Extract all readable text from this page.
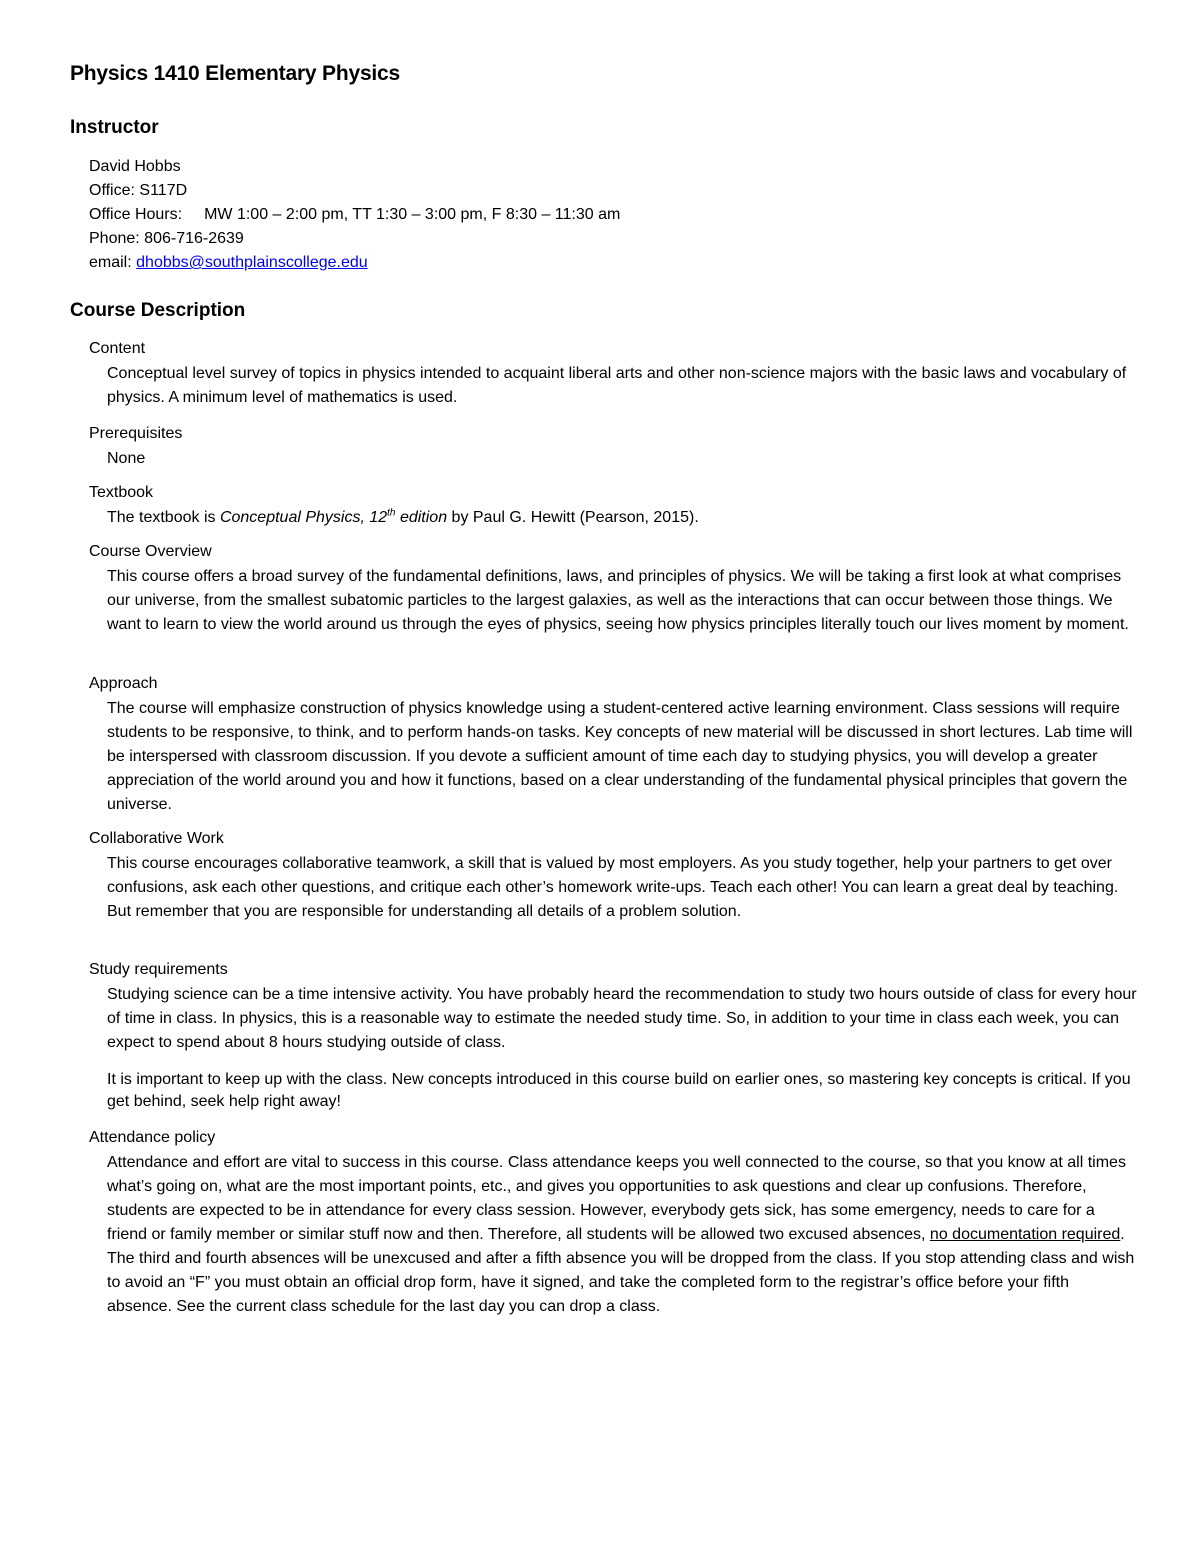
Physics 1410 Elementary Physics
Instructor
David Hobbs
Office: S117D
Office Hours: MW 1:00 – 2:00 pm, TT 1:30 – 3:00 pm, F 8:30 – 11:30 am
Phone: 806-716-2639
email: dhobbs@southplainscollege.edu
Course Description
Content

Conceptual level survey of topics in physics intended to acquaint liberal arts and other non-science majors with the basic laws and vocabulary of physics. A minimum level of mathematics is used.

Prerequisites

None

Textbook

The textbook is Conceptual Physics, 12th edition by Paul G. Hewitt (Pearson, 2015).

Course Overview

This course offers a broad survey of the fundamental definitions, laws, and principles of physics. We will be taking a first look at what comprises our universe, from the smallest subatomic particles to the largest galaxies, as well as the interactions that can occur between those things. We want to learn to view the world around us through the eyes of physics, seeing how physics principles literally touch our lives moment by moment.

Approach

The course will emphasize construction of physics knowledge using a student-centered active learning environment. Class sessions will require students to be responsive, to think, and to perform hands-on tasks. Key concepts of new material will be discussed in short lectures. Lab time will be interspersed with classroom discussion. If you devote a sufficient amount of time each day to studying physics, you will develop a greater appreciation of the world around you and how it functions, based on a clear understanding of the fundamental physical principles that govern the universe.

Collaborative Work

This course encourages collaborative teamwork, a skill that is valued by most employers. As you study together, help your partners to get over confusions, ask each other questions, and critique each other’s homework write-ups. Teach each other! You can learn a great deal by teaching. But remember that you are responsible for understanding all details of a problem solution.

Study requirements

Studying science can be a time intensive activity. You have probably heard the recommendation to study two hours outside of class for every hour of time in class. In physics, this is a reasonable way to estimate the needed study time. So, in addition to your time in class each week, you can expect to spend about 8 hours studying outside of class.

It is important to keep up with the class. New concepts introduced in this course build on earlier ones, so mastering key concepts is critical. If you get behind, seek help right away!

Attendance policy

Attendance and effort are vital to success in this course. Class attendance keeps you well connected to the course, so that you know at all times what’s going on, what are the most important points, etc., and gives you opportunities to ask questions and clear up confusions. Therefore, students are expected to be in attendance for every class session. However, everybody gets sick, has some emergency, needs to care for a friend or family member or similar stuff now and then. Therefore, all students will be allowed two excused absences, no documentation required. The third and fourth absences will be unexcused and after a fifth absence you will be dropped from the class. If you stop attending class and wish to avoid an “F” you must obtain an official drop form, have it signed, and take the completed form to the registrar’s office before your fifth absence. See the current class schedule for the last day you can drop a class.
